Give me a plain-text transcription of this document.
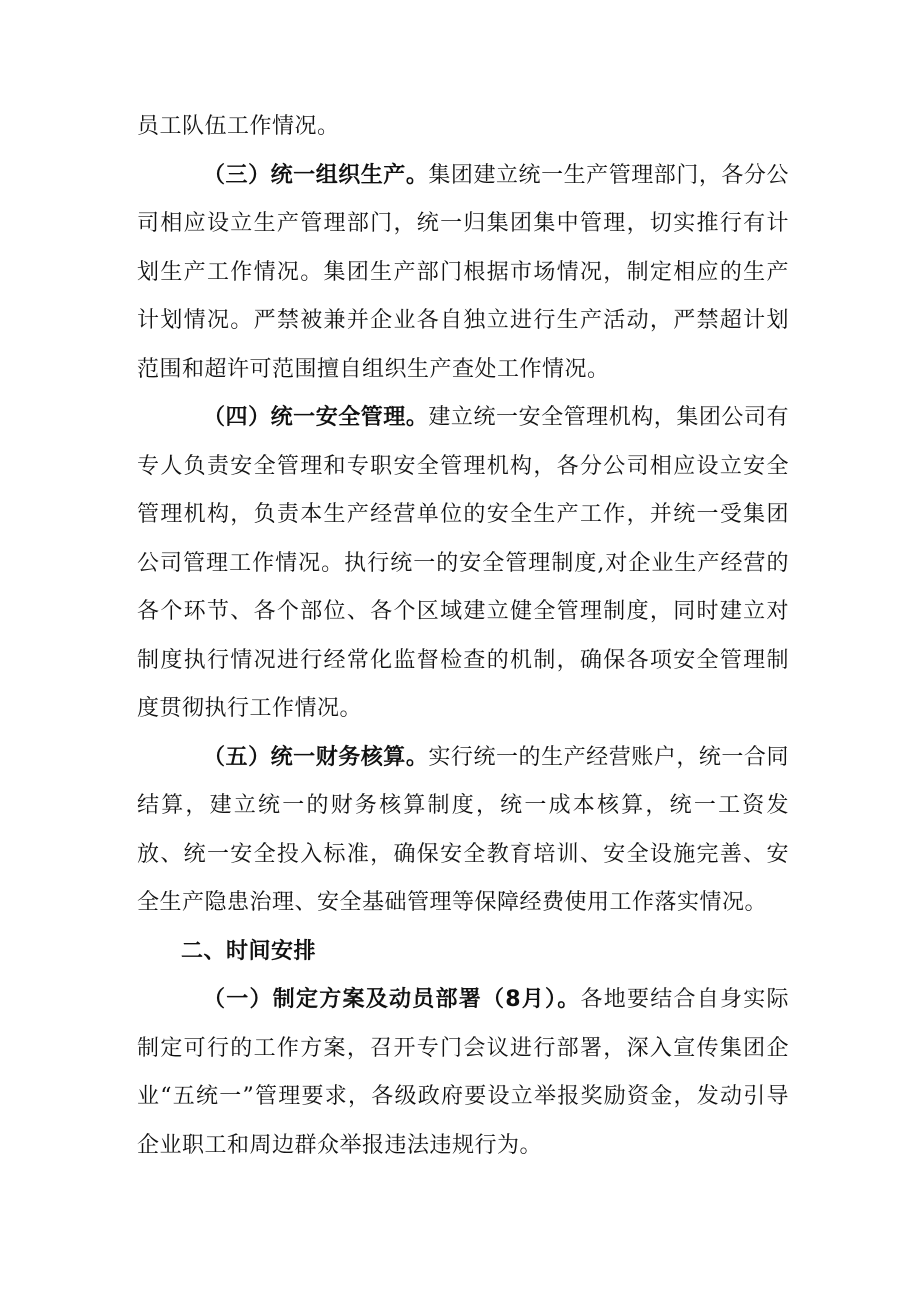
员工队伍工作情况。

（三）统一组织生产。集团建立统一生产管理部门，各分公司相应设立生产管理部门，统一归集团集中管理，切实推行有计划生产工作情况。集团生产部门根据市场情况，制定相应的生产计划情况。严禁被兼并企业各自独立进行生产活动，严禁超计划范围和超许可范围擅自组织生产查处工作情况。

（四）统一安全管理。建立统一安全管理机构，集团公司有专人负责安全管理和专职安全管理机构，各分公司相应设立安全管理机构，负责本生产经营单位的安全生产工作，并统一受集团公司管理工作情况。执行统一的安全管理制度,对企业生产经营的各个环节、各个部位、各个区域建立健全管理制度，同时建立对制度执行情况进行经常化监督检查的机制，确保各项安全管理制度贯彻执行工作情况。

（五）统一财务核算。实行统一的生产经营账户，统一合同结算，建立统一的财务核算制度，统一成本核算，统一工资发放、统一安全投入标准，确保安全教育培训、安全设施完善、安全生产隐患治理、安全基础管理等保障经费使用工作落实情况。

二、时间安排

（一）制定方案及动员部署（8月）。各地要结合自身实际制定可行的工作方案，召开专门会议进行部署，深入宣传集团企业“五统一”管理要求，各级政府要设立举报奖励资金，发动引导企业职工和周边群众举报违法违规行为。
